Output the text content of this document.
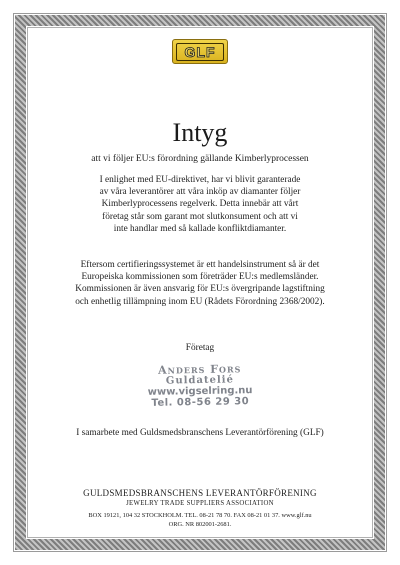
GLF
Intyg
att vi följer EU:s förordning gällande Kimberlyprocessen
I enlighet med EU-direktivet, har vi blivit garanterade
av våra leverantörer att våra inköp av diamanter följer
Kimberlyprocessens regelverk. Detta innebär att vårt
företag står som garant mot slutkonsument och att vi
inte handlar med så kallade konfliktdiamanter.
Eftersom certifieringssystemet är ett handelsinstrument så är det
Europeiska kommissionen som företräder EU:s medlemsländer.
Kommissionen är även ansvarig för EU:s övergripande lagstiftning
och enhetlig tillämpning inom EU (Rådets Förordning 2368/2002).
Företag
Anders Fors
Guldatelié
www.vigselring.nu
Tel. 08-56 29 30
I samarbete med Guldsmedsbranschens Leverantörförening (GLF)
GULDSMEDSBRANSCHENS LEVERANTÖRFÖRENING
JEWELRY TRADE SUPPLIERS ASSOCIATION
BOX 19121, 104 32 STOCKHOLM. TEL. 08-21 78 70. FAX 08-21 01 37. www.glf.nu
ORG. NR 802001-2681.
